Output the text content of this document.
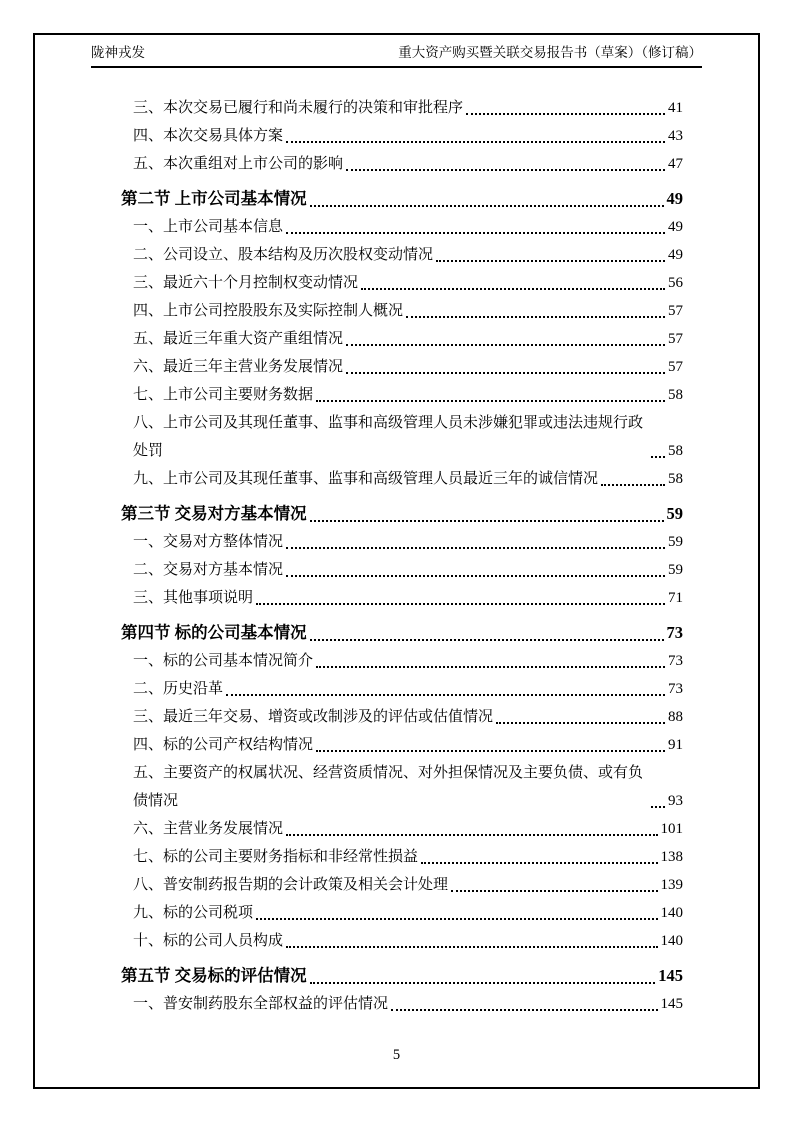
陇神戎发	重大资产购买暨关联交易报告书（草案）（修订稿）
三、本次交易已履行和尚未履行的决策和审批程序	41
四、本次交易具体方案	43
五、本次重组对上市公司的影响	47
第二节 上市公司基本情况	49
一、上市公司基本信息	49
二、公司设立、股本结构及历次股权变动情况	49
三、最近六十个月控制权变动情况	56
四、上市公司控股股东及实际控制人概况	57
五、最近三年重大资产重组情况	57
六、最近三年主营业务发展情况	57
七、上市公司主要财务数据	58
八、上市公司及其现任董事、监事和高级管理人员未涉嫌犯罪或违法违规行政处罚	58
九、上市公司及其现任董事、监事和高级管理人员最近三年的诚信情况	58
第三节 交易对方基本情况	59
一、交易对方整体情况	59
二、交易对方基本情况	59
三、其他事项说明	71
第四节 标的公司基本情况	73
一、标的公司基本情况简介	73
二、历史沿革	73
三、最近三年交易、增资或改制涉及的评估或估值情况	88
四、标的公司产权结构情况	91
五、主要资产的权属状况、经营资质情况、对外担保情况及主要负债、或有负债情况	93
六、主营业务发展情况	101
七、标的公司主要财务指标和非经常性损益	138
八、普安制药报告期的会计政策及相关会计处理	139
九、标的公司税项	140
十、标的公司人员构成	140
第五节 交易标的评估情况	145
一、普安制药股东全部权益的评估情况	145
5
